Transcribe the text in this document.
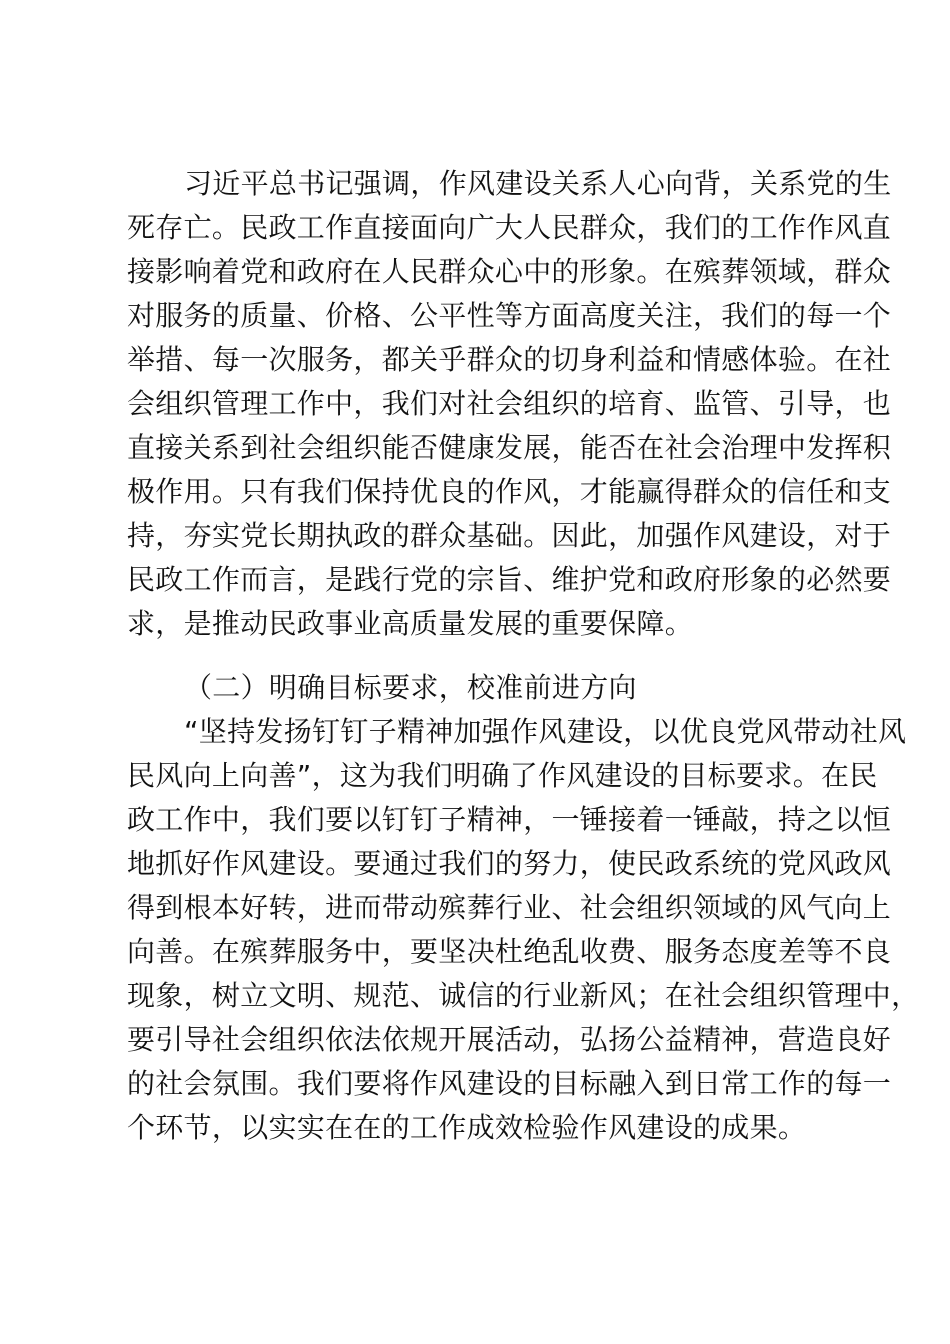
习近平总书记强调，作风建设关系人心向背，关系党的生
死存亡。民政工作直接面向广大人民群众，我们的工作作风直
接影响着党和政府在人民群众心中的形象。在殡葬领域，群众
对服务的质量、价格、公平性等方面高度关注，我们的每一个
举措、每一次服务，都关乎群众的切身利益和情感体验。在社
会组织管理工作中，我们对社会组织的培育、监管、引导，也
直接关系到社会组织能否健康发展，能否在社会治理中发挥积
极作用。只有我们保持优良的作风，才能赢得群众的信任和支
持，夯实党长期执政的群众基础。因此，加强作风建设，对于
民政工作而言，是践行党的宗旨、维护党和政府形象的必然要
求，是推动民政事业高质量发展的重要保障。
（二）明确目标要求，校准前进方向
“坚持发扬钉钉子精神加强作风建设，以优良党风带动社风
民风向上向善”，这为我们明确了作风建设的目标要求。在民
政工作中，我们要以钉钉子精神，一锤接着一锤敲，持之以恒
地抓好作风建设。要通过我们的努力，使民政系统的党风政风
得到根本好转，进而带动殡葬行业、社会组织领域的风气向上
向善。在殡葬服务中，要坚决杜绝乱收费、服务态度差等不良
现象，树立文明、规范、诚信的行业新风；在社会组织管理中，
要引导社会组织依法依规开展活动，弘扬公益精神，营造良好
的社会氛围。我们要将作风建设的目标融入到日常工作的每一
个环节，以实实在在的工作成效检验作风建设的成果。
